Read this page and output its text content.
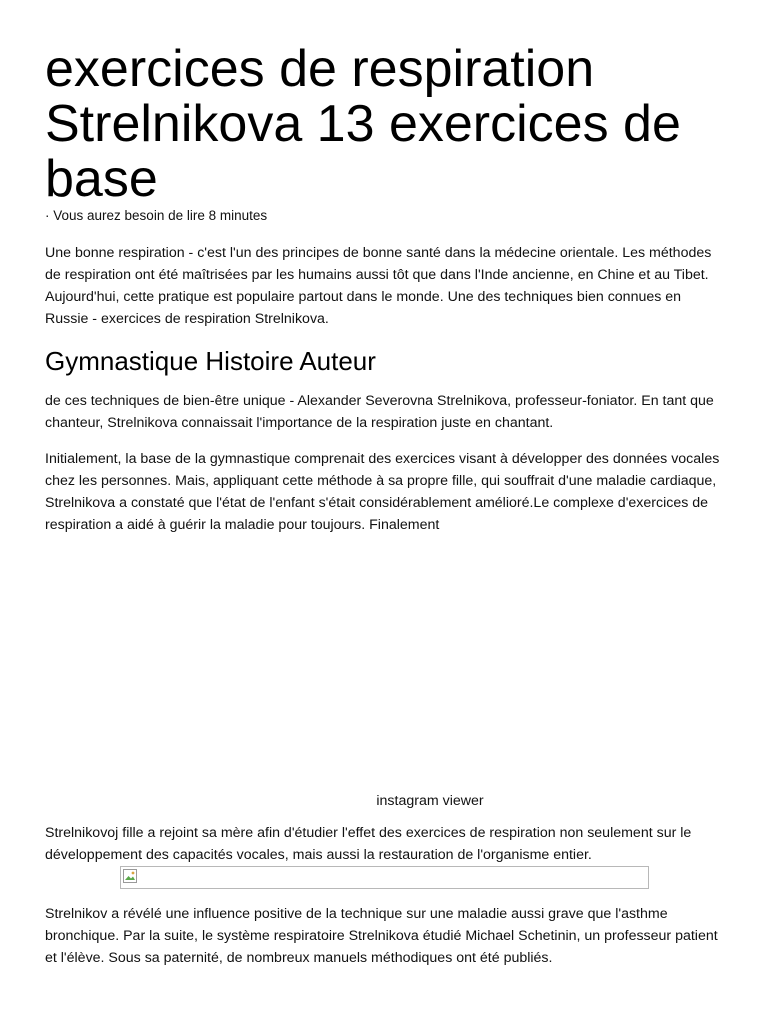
exercices de respiration Strelnikova 13 exercices de base
· Vous aurez besoin de lire 8 minutes

Une bonne respiration - c'est l'un des principes de bonne santé dans la médecine orientale. Les méthodes de respiration ont été maîtrisées par les humains aussi tôt que dans l'Inde ancienne, en Chine et au Tibet. Aujourd'hui, cette pratique est populaire partout dans le monde. Une des techniques bien connues en Russie - exercices de respiration Strelnikova.

Gymnastique Histoire Auteur

de ces techniques de bien-être unique - Alexander Severovna Strelnikova, professeur-foniator. En tant que chanteur, Strelnikova connaissait l'importance de la respiration juste en chantant.

Initialement, la base de la gymnastique comprenait des exercices visant à développer des données vocales chez les personnes. Mais, appliquant cette méthode à sa propre fille, qui souffrait d'une maladie cardiaque, Strelnikova a constaté que l'état de l'enfant s'était considérablement amélioré.Le complexe d'exercices de respiration a aidé à guérir la maladie pour toujours. Finalement

instagram viewer

Strelnikovoj fille a rejoint sa mère afin d'étudier l'effet des exercices de respiration non seulement sur le développement des capacités vocales, mais aussi la restauration de l'organisme entier.

Strelnikov a révélé une influence positive de la technique sur une maladie aussi grave que l'asthme bronchique. Par la suite, le système respiratoire Strelnikova étudié Michael Schetinin, un professeur patient et l'élève. Sous sa paternité, de nombreux manuels méthodiques ont été publiés.
